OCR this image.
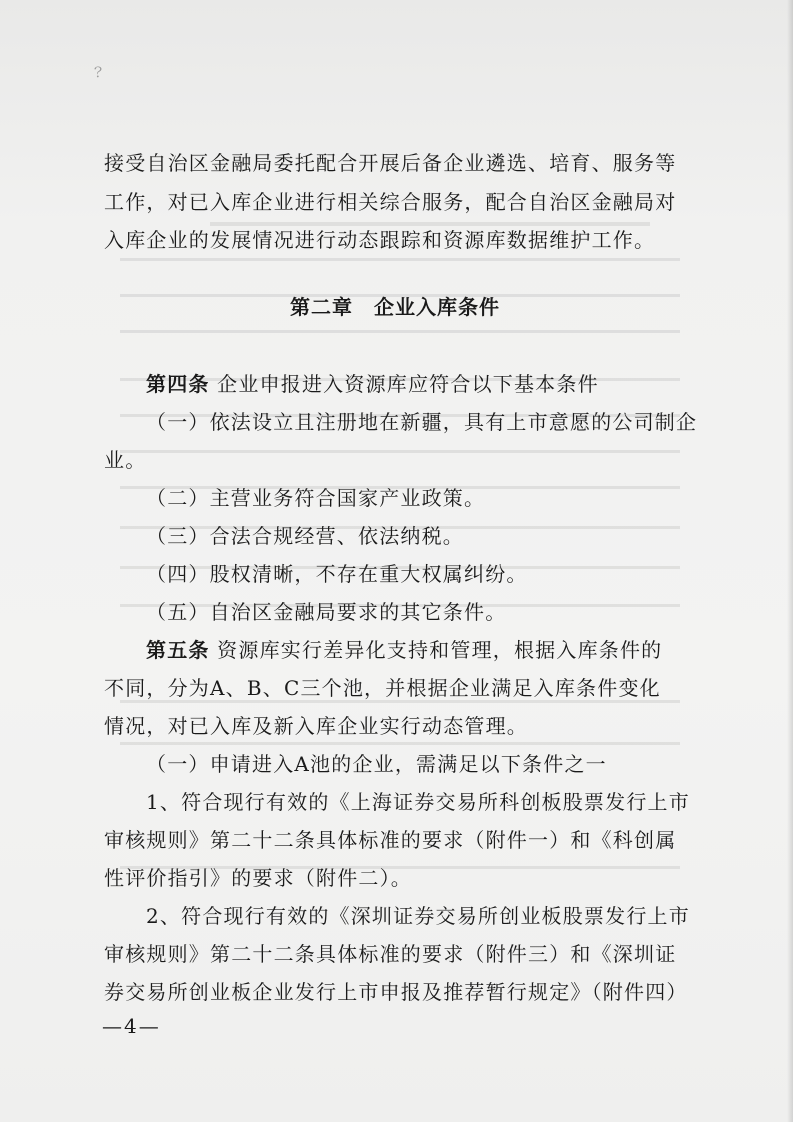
﹖
接受自治区金融局委托配合开展后备企业遴选、培育、服务等
工作，对已入库企业进行相关综合服务，配合自治区金融局对
入库企业的发展情况进行动态跟踪和资源库数据维护工作。
第二章　企业入库条件
第四条 企业申报进入资源库应符合以下基本条件
（一）依法设立且注册地在新疆，具有上市意愿的公司制企
业。
（二）主营业务符合国家产业政策。
（三）合法合规经营、依法纳税。
（四）股权清晰，不存在重大权属纠纷。
（五）自治区金融局要求的其它条件。
第五条 资源库实行差异化支持和管理，根据入库条件的
不同，分为A、B、C三个池，并根据企业满足入库条件变化
情况，对已入库及新入库企业实行动态管理。
（一）申请进入A池的企业，需满足以下条件之一
1、符合现行有效的《上海证券交易所科创板股票发行上市
审核规则》第二十二条具体标准的要求（附件一）和《科创属
性评价指引》的要求（附件二）。
2、符合现行有效的《深圳证券交易所创业板股票发行上市
审核规则》第二十二条具体标准的要求（附件三）和《深圳证
券交易所创业板企业发行上市申报及推荐暂行规定》（附件四）
—4—
